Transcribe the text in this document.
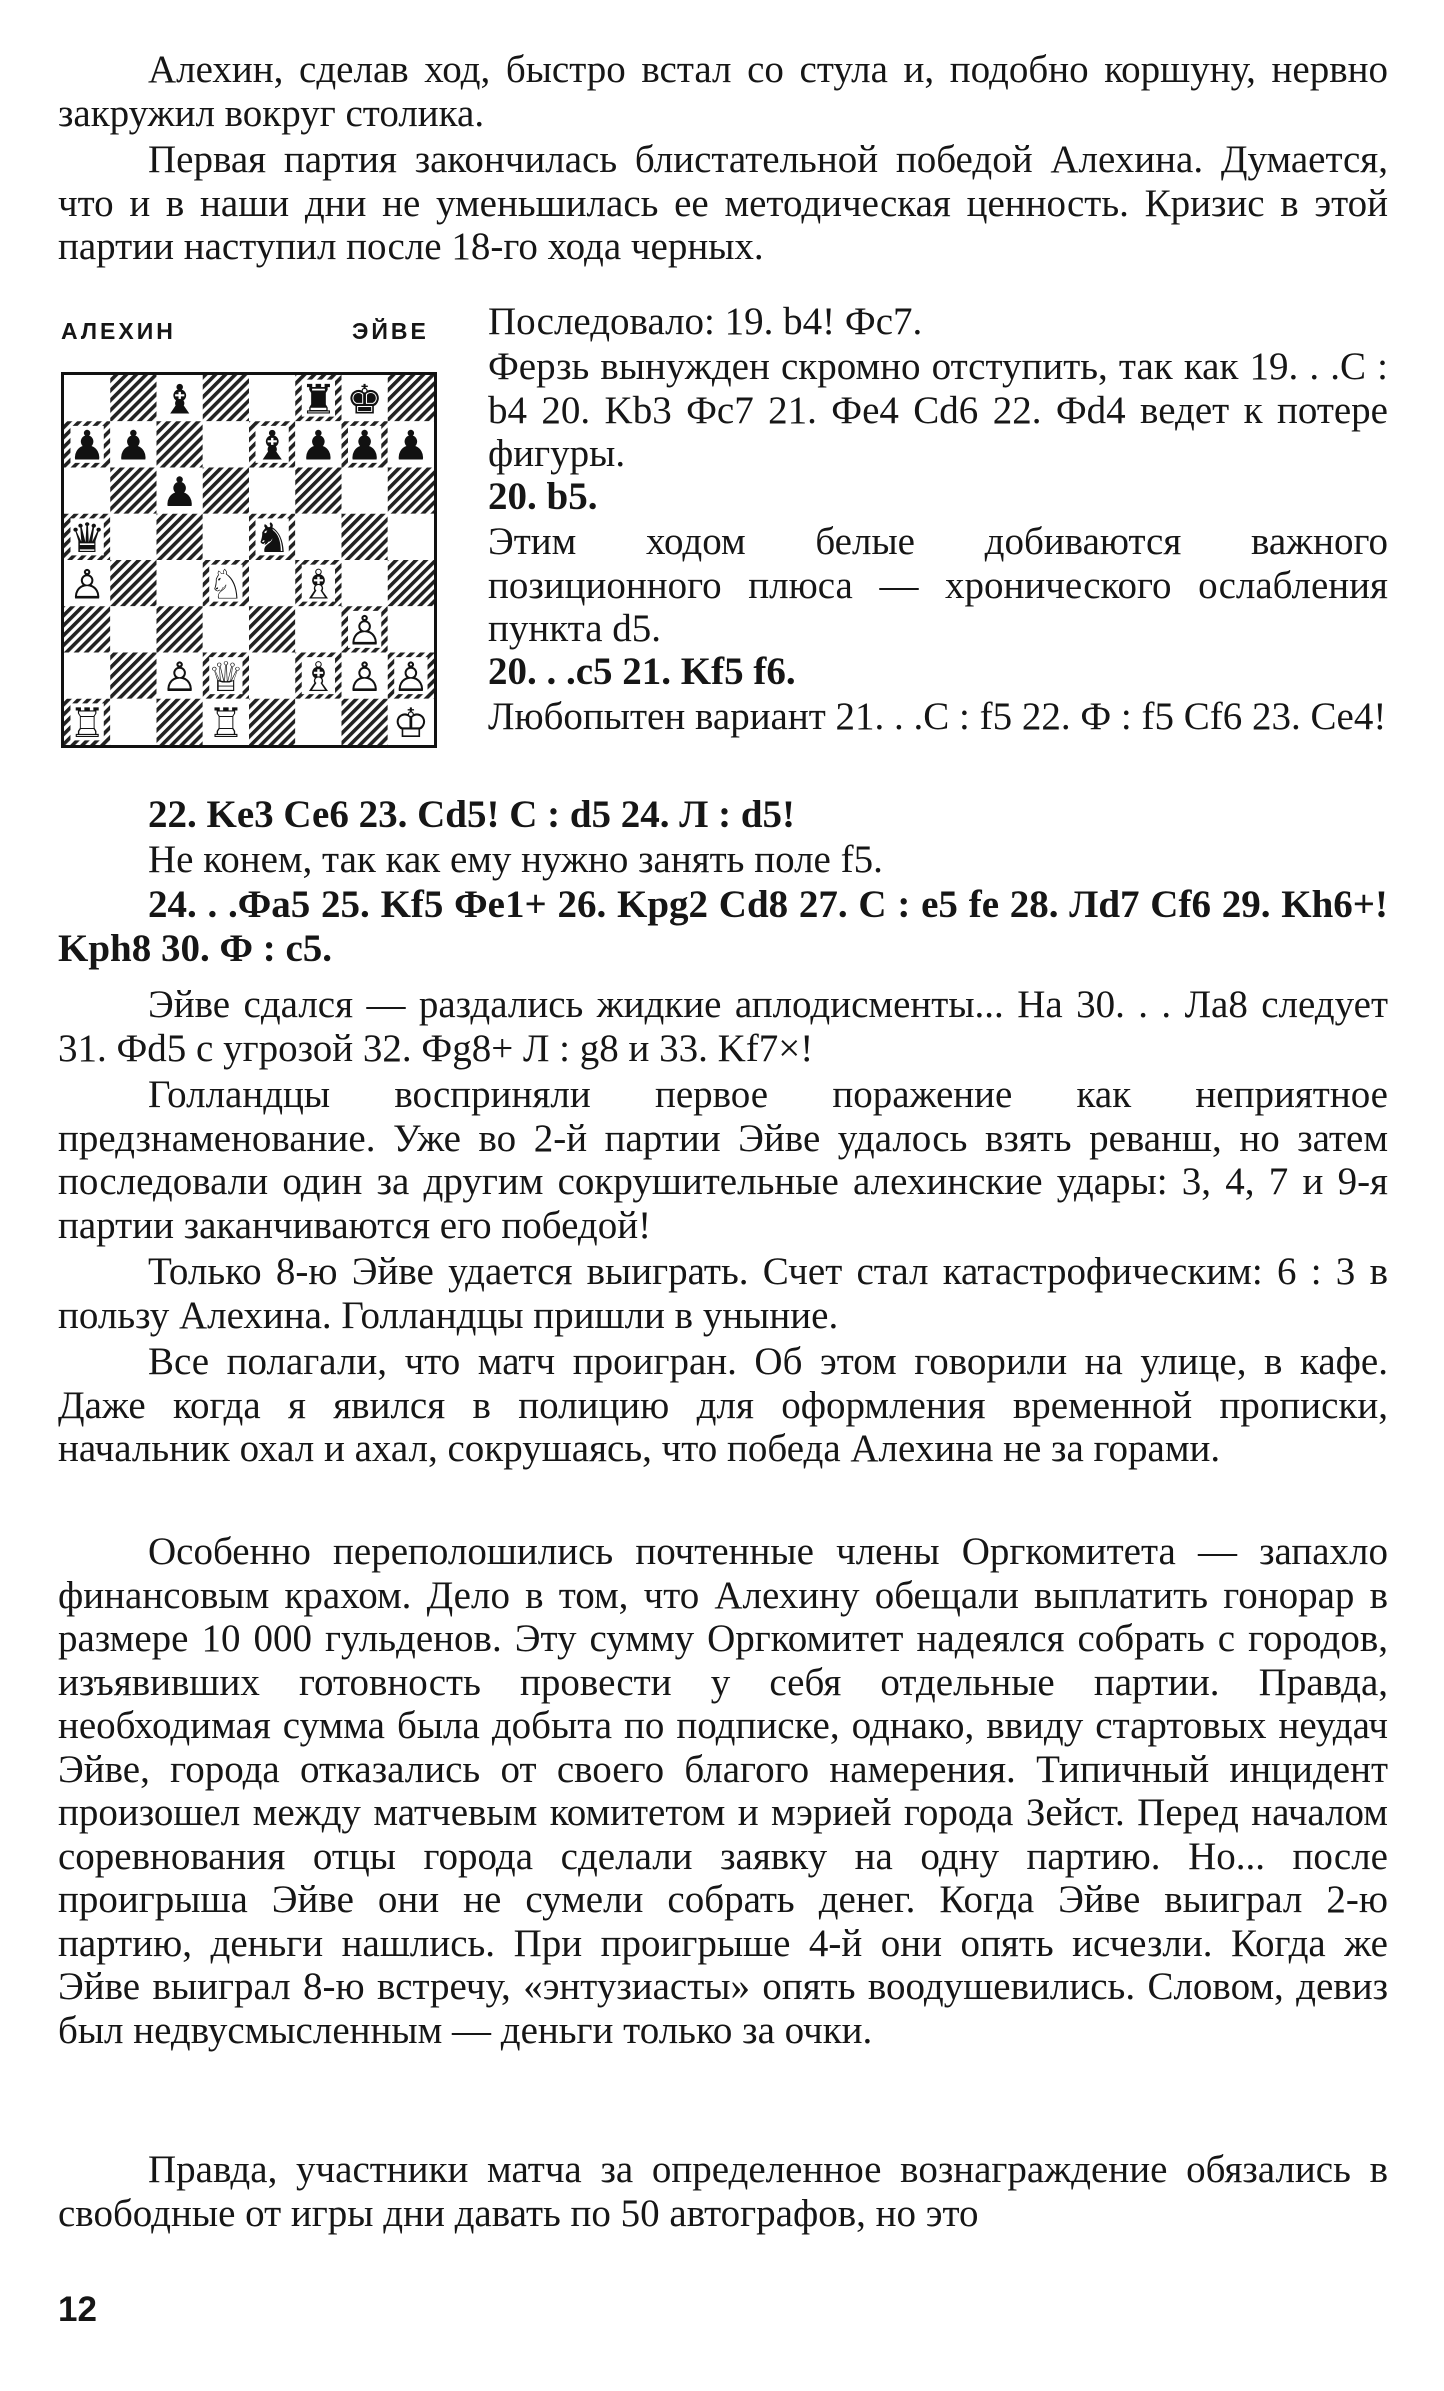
Алехин, сделав ход, быстро встал со стула и, подобно коршуну, нервно закружил вокруг столика.

Первая партия закончилась блистательной победой Алехина. Думается, что и в наши дни не уменьшилась ее методическая ценность. Кризис в этой партии наступил после 18-го хода черных.

АЛЕХИН	ЭЙВЕ
♝	♜ ♚
♟ ♟	♝ ♟ ♟ ♟
♟
♛	♞
♙	♘ ♗
♙
♙ ♕ ♗ ♙ ♙
♖	♖	♔

Последовало: 19. b4! Фс7.

Ферзь вынужден скромно отступить, так как 19. . .С : b4 20. Kb3 Фс7 21. Фе4 Cd6 22. Фd4 ведет к потере фигуры.

20. b5.

Этим ходом белые добиваются важного позиционного плюса — хронического ослабления пункта d5.

20. . .с5 21. Kf5 f6.

Любопытен вариант 21. . .С : f5 22. Ф : f5 Cf6 23. Ce4!

22. Ke3 Се6 23. Cd5! С : d5 24. Л : d5!

Не конем, так как ему нужно занять поле f5.

24. . .Фа5 25. Kf5 Фе1+ 26. Kpg2 Cd8 27. С : е5 fe 28. Лd7 Cf6 29. Kh6+! Kph8 30. Ф : с5.

Эйве сдался — раздались жидкие аплодисменты... На 30. . . Ла8 следует 31. Фd5 с угрозой 32. Фg8+ Л : g8 и 33. Kf7×!

Голландцы восприняли первое поражение как неприятное предзнаменование. Уже во 2-й партии Эйве удалось взять реванш, но затем последовали один за другим сокрушительные алехинские удары: 3, 4, 7 и 9-я партии заканчиваются его победой!

Только 8-ю Эйве удается выиграть. Счет стал катастрофическим: 6 : 3 в пользу Алехина. Голландцы пришли в уныние.

Все полагали, что матч проигран. Об этом говорили на улице, в кафе. Даже когда я явился в полицию для оформления временной прописки, начальник охал и ахал, сокрушаясь, что победа Алехина не за горами.

Особенно переполошились почтенные члены Оргкомитета — запахло финансовым крахом. Дело в том, что Алехину обещали выплатить гонорар в размере 10 000 гульденов. Эту сумму Оргкомитет надеялся собрать с городов, изъявивших готовность провести у себя отдельные партии. Правда, необходимая сумма была добыта по подписке, однако, ввиду стартовых неудач Эйве, города отказались от своего благого намерения. Типичный инцидент произошел между матчевым комитетом и мэрией города Зейст. Перед началом соревнования отцы города сделали заявку на одну партию. Но... после проигрыша Эйве они не сумели собрать денег. Когда Эйве выиграл 2-ю партию, деньги нашлись. При проигрыше 4-й они опять исчезли. Когда же Эйве выиграл 8-ю встречу, «энтузиасты» опять воодушевились. Словом, девиз был недвусмысленным — деньги только за очки.

Правда, участники матча за определенное вознаграждение обязались в свободные от игры дни давать по 50 автографов, но это

12
